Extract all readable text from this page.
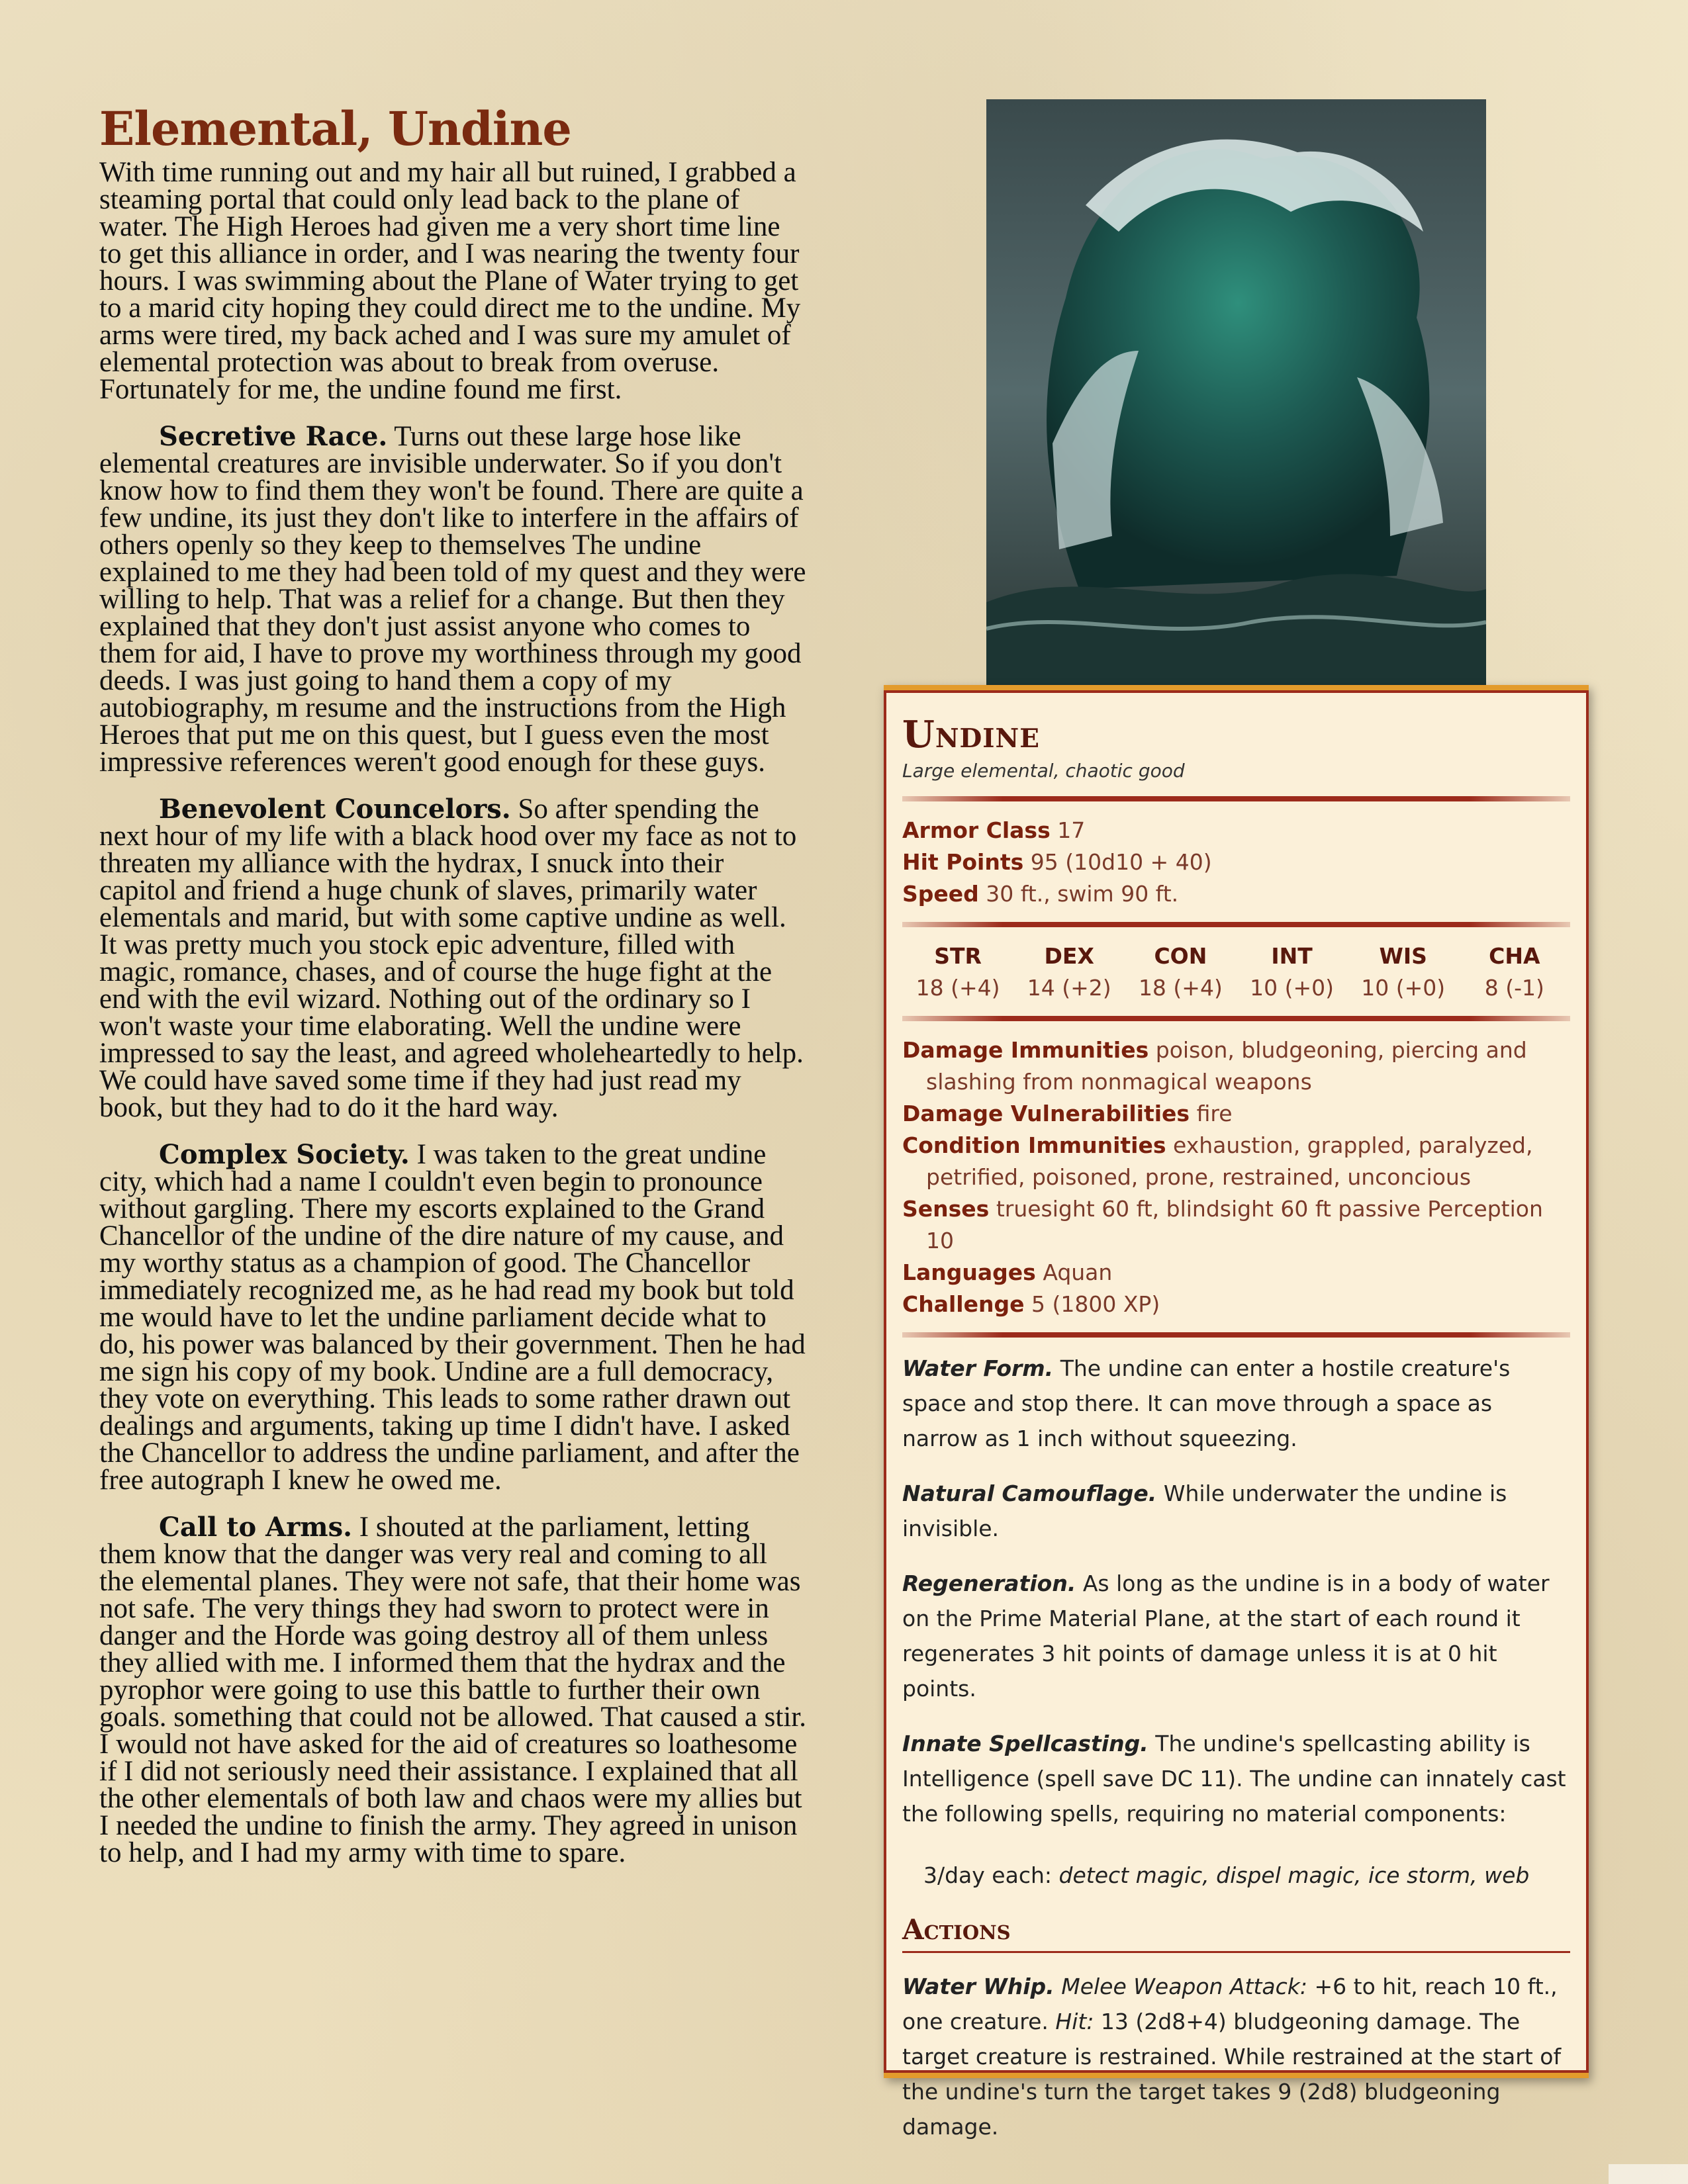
Elemental, Undine

With time running out and my hair all but ruined, I grabbed a steaming portal that could only lead back to the plane of water. The High Heroes had given me a very short time line to get this alliance in order, and I was nearing the twenty four hours. I was swimming about the Plane of Water trying to get to a marid city hoping they could direct me to the undine. My arms were tired, my back ached and I was sure my amulet of elemental protection was about to break from overuse. Fortunately for me, the undine found me first.

Secretive Race. Turns out these large hose like elemental creatures are invisible underwater. So if you don't know how to find them they won't be found. There are quite a few undine, its just they don't like to interfere in the affairs of others openly so they keep to themselves The undine explained to me they had been told of my quest and they were willing to help. That was a relief for a change. But then they explained that they don't just assist anyone who comes to them for aid, I have to prove my worthiness through my good deeds. I was just going to hand them a copy of my autobiography, m resume and the instructions from the High Heroes that put me on this quest, but I guess even the most impressive references weren't good enough for these guys.

Benevolent Councelors. So after spending the next hour of my life with a black hood over my face as not to threaten my alliance with the hydrax, I snuck into their capitol and friend a huge chunk of slaves, primarily water elementals and marid, but with some captive undine as well. It was pretty much you stock epic adventure, filled with magic, romance, chases, and of course the huge fight at the end with the evil wizard. Nothing out of the ordinary so I won't waste your time elaborating. Well the undine were impressed to say the least, and agreed wholeheartedly to help. We could have saved some time if they had just read my book, but they had to do it the hard way.

Complex Society. I was taken to the great undine city, which had a name I couldn't even begin to pronounce without gargling. There my escorts explained to the Grand Chancellor of the undine of the dire nature of my cause, and my worthy status as a champion of good. The Chancellor immediately recognized me, as he had read my book but told me would have to let the undine parliament decide what to do, his power was balanced by their government. Then he had me sign his copy of my book. Undine are a full democracy, they vote on everything. This leads to some rather drawn out dealings and arguments, taking up time I didn't have. I asked the Chancellor to address the undine parliament, and after the free autograph I knew he owed me.

Call to Arms. I shouted at the parliament, letting them know that the danger was very real and coming to all the elemental planes. They were not safe, that their home was not safe. The very things they had sworn to protect were in danger and the Horde was going destroy all of them unless they allied with me. I informed them that the hydrax and the pyrophor were going to use this battle to further their own goals. something that could not be allowed. That caused a stir. I would not have asked for the aid of creatures so loathesome if I did not seriously need their assistance. I explained that all the other elementals of both law and chaos were my allies but I needed the undine to finish the army. They agreed in unison to help, and I had my army with time to spare.

Undine
Large elemental, chaotic good
Armor Class 17
Hit Points 95 (10d10 + 40)
Speed 30 ft., swim 90 ft.
STR
18 (+4)
DEX
14 (+2)
CON
18 (+4)
INT
10 (+0)
WIS
10 (+0)
CHA
8 (-1)
Damage Immunities poison, bludgeoning, piercing and slashing from nonmagical weapons
Damage Vulnerabilities fire
Condition Immunities exhaustion, grappled, paralyzed, petrified, poisoned, prone, restrained, unconcious
Senses truesight 60 ft, blindsight 60 ft passive Perception 10
Languages Aquan
Challenge 5 (1800 XP)

Water Form. The undine can enter a hostile creature's space and stop there. It can move through a space as narrow as 1 inch without squeezing.

Natural Camouflage. While underwater the undine is invisible.

Regeneration. As long as the undine is in a body of water on the Prime Material Plane, at the start of each round it regenerates 3 hit points of damage unless it is at 0 hit points.

Innate Spellcasting. The undine's spellcasting ability is Intelligence (spell save DC 11). The undine can innately cast the following spells, requiring no material components:

3/day each: detect magic, dispel magic, ice storm, web
Actions

Water Whip. Melee Weapon Attack: +6 to hit, reach 10 ft., one creature. Hit: 13 (2d8+4) bludgeoning damage. The target creature is restrained. While restrained at the start of the undine's turn the target takes 9 (2d8) bludgeoning damage.
